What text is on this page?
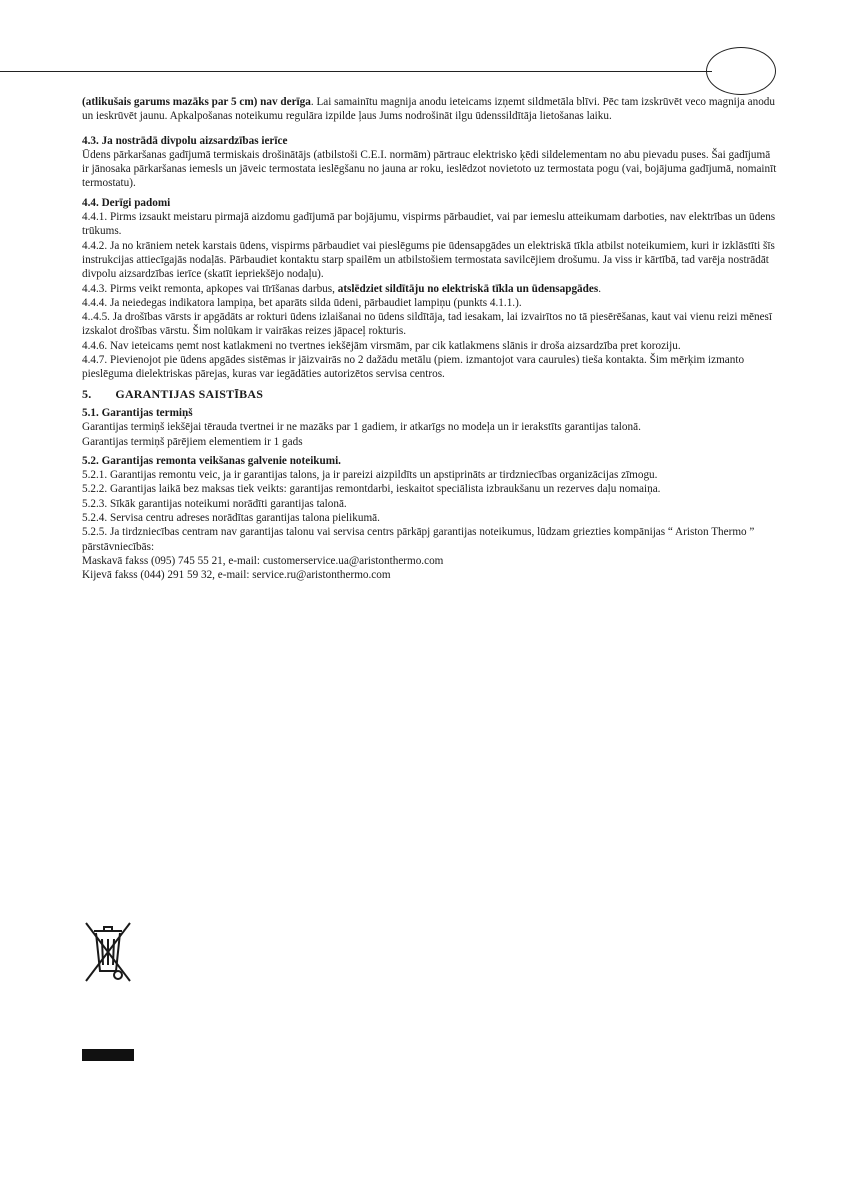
(atlikušais garums mazāks par 5 cm) nav derīga. Lai samainītu magnija anodu ieteicams izņemt sildmetāla blīvi. Pēc tam izskrūvēt veco magnija anodu un ieskrūvēt jaunu. Apkalpošanas noteikumu regulāra izpilde ļaus Jums nodrošināt ilgu ūdenssildītāja lietošanas laiku.

4.3. Ja nostrādā divpolu aizsardzības ierīce

Ūdens pārkaršanas gadījumā termiskais drošinātājs (atbilstoši C.E.I. normām) pārtrauc elektrisko ķēdi sildelementam no abu pievadu puses. Šai gadījumā ir jānosaka pārkaršanas iemesls un jāveic termostata ieslēgšanu no jauna ar roku, ieslēdzot novietoto uz termostata pogu (vai, bojājuma gadījumā, nomainīt termostatu).

4.4. Derīgi padomi

4.4.1. Pirms izsaukt meistaru pirmajā aizdomu gadījumā par bojājumu, vispirms pārbaudiet, vai par iemeslu atteikumam darboties, nav elektrības un ūdens trūkums.

4.4.2. Ja no krāniem netek karstais ūdens, vispirms pārbaudiet vai pieslēgums pie ūdensapgādes un elektriskā tīkla atbilst noteikumiem, kuri ir izklāstīti šīs instrukcijas attiecīgajās nodaļās. Pārbaudiet kontaktu starp spailēm un atbilstošiem termostata savilcējiem drošumu. Ja viss ir kārtībā, tad varēja nostrādāt divpolu aizsardzības ierīce (skatīt iepriekšējo nodaļu).

4.4.3. Pirms veikt remonta, apkopes vai tīrīšanas darbus, atslēdziet sildītāju no elektriskā tīkla un ūdensapgādes.

4.4.4. Ja neiedegas indikatora lampiņa, bet aparāts silda ūdeni, pārbaudiet lampiņu (punkts 4.1.1.).

4..4.5. Ja drošības vārsts ir apgādāts ar rokturi ūdens izlaišanai no ūdens sildītāja, tad iesakam, lai izvairītos no tā piesērēšanas, kaut vai vienu reizi mēnesī izskalot drošības vārstu. Šim nolūkam ir vairākas reizes jāpaceļ rokturis.

4.4.6. Nav ieteicams ņemt nost katlakmeni no tvertnes iekšējām virsmām, par cik katlakmens slānis ir droša aizsardzība pret koroziju.

4.4.7. Pievienojot pie ūdens apgādes sistēmas ir jāizvairās no 2 dažādu metālu (piem. izmantojot vara caurules) tieša kontakta. Šim mērķim izmanto pieslēguma dielektriskas pārejas, kuras var iegādāties autorizētos servisa centros.

5. GARANTIJAS SAISTĪBAS

5.1. Garantijas termiņš

Garantijas termiņš iekšējai tērauda tvertnei ir ne mazāks par 1 gadiem, ir atkarīgs no modeļa un ir ierakstīts garantijas talonā.

Garantijas termiņš pārējiem elementiem ir 1 gads

5.2. Garantijas remonta veikšanas galvenie noteikumi.

5.2.1. Garantijas remontu veic, ja ir garantijas talons, ja ir pareizi aizpildīts un apstiprināts ar tirdzniecības organizācijas zīmogu.

5.2.2. Garantijas laikā bez maksas tiek veikts: garantijas remontdarbi, ieskaitot speciālista izbraukšanu un rezerves daļu nomaiņa.

5.2.3. Sīkāk garantijas noteikumi norādīti garantijas talonā.

5.2.4. Servisa centru adreses norādītas garantijas talona pielikumā.

5.2.5. Ja tirdzniecības centram nav garantijas talonu vai servisa centrs pārkāpj garantijas noteikumus, lūdzam griezties kompānijas “ Ariston Thermo ” pārstāvniecībās:

Maskavā fakss (095) 745 55 21, e-mail: customerservice.ua@aristonthermo.com

Kijevā fakss (044) 291 59 32, e-mail: service.ru@aristonthermo.com
